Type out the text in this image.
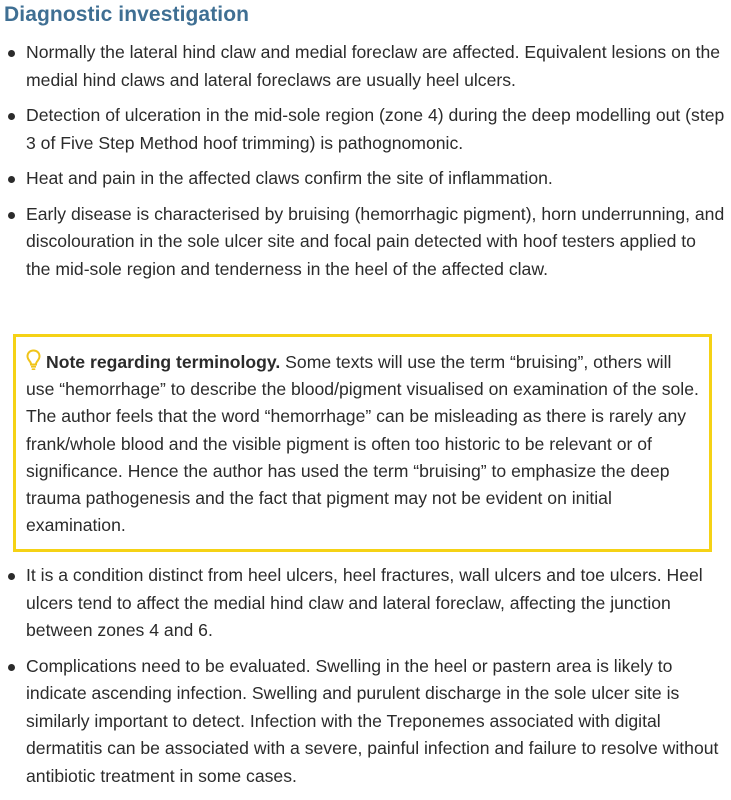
Diagnostic investigation
Normally the lateral hind claw and medial foreclaw are affected. Equivalent lesions on the medial hind claws and lateral foreclaws are usually heel ulcers.
Detection of ulceration in the mid-sole region (zone 4) during the deep modelling out (step 3 of Five Step Method hoof trimming) is pathognomonic.
Heat and pain in the affected claws confirm the site of inflammation.
Early disease is characterised by bruising (hemorrhagic pigment), horn underrunning, and discolouration in the sole ulcer site and focal pain detected with hoof testers applied to the mid-sole region and tenderness in the heel of the affected claw.

Note regarding terminology. Some texts will use the term “bruising”, others will use “hemorrhage” to describe the blood/pigment visualised on examination of the sole. The author feels that the word “hemorrhage” can be misleading as there is rarely any frank/whole blood and the visible pigment is often too historic to be relevant or of significance. Hence the author has used the term “bruising” to emphasize the deep trauma pathogenesis and the fact that pigment may not be evident on initial examination.

It is a condition distinct from heel ulcers, heel fractures, wall ulcers and toe ulcers. Heel ulcers tend to affect the medial hind claw and lateral foreclaw, affecting the junction between zones 4 and 6.
Complications need to be evaluated. Swelling in the heel or pastern area is likely to indicate ascending infection. Swelling and purulent discharge in the sole ulcer site is similarly important to detect. Infection with the Treponemes associated with digital dermatitis can be associated with a severe, painful infection and failure to resolve without antibiotic treatment in some cases.
